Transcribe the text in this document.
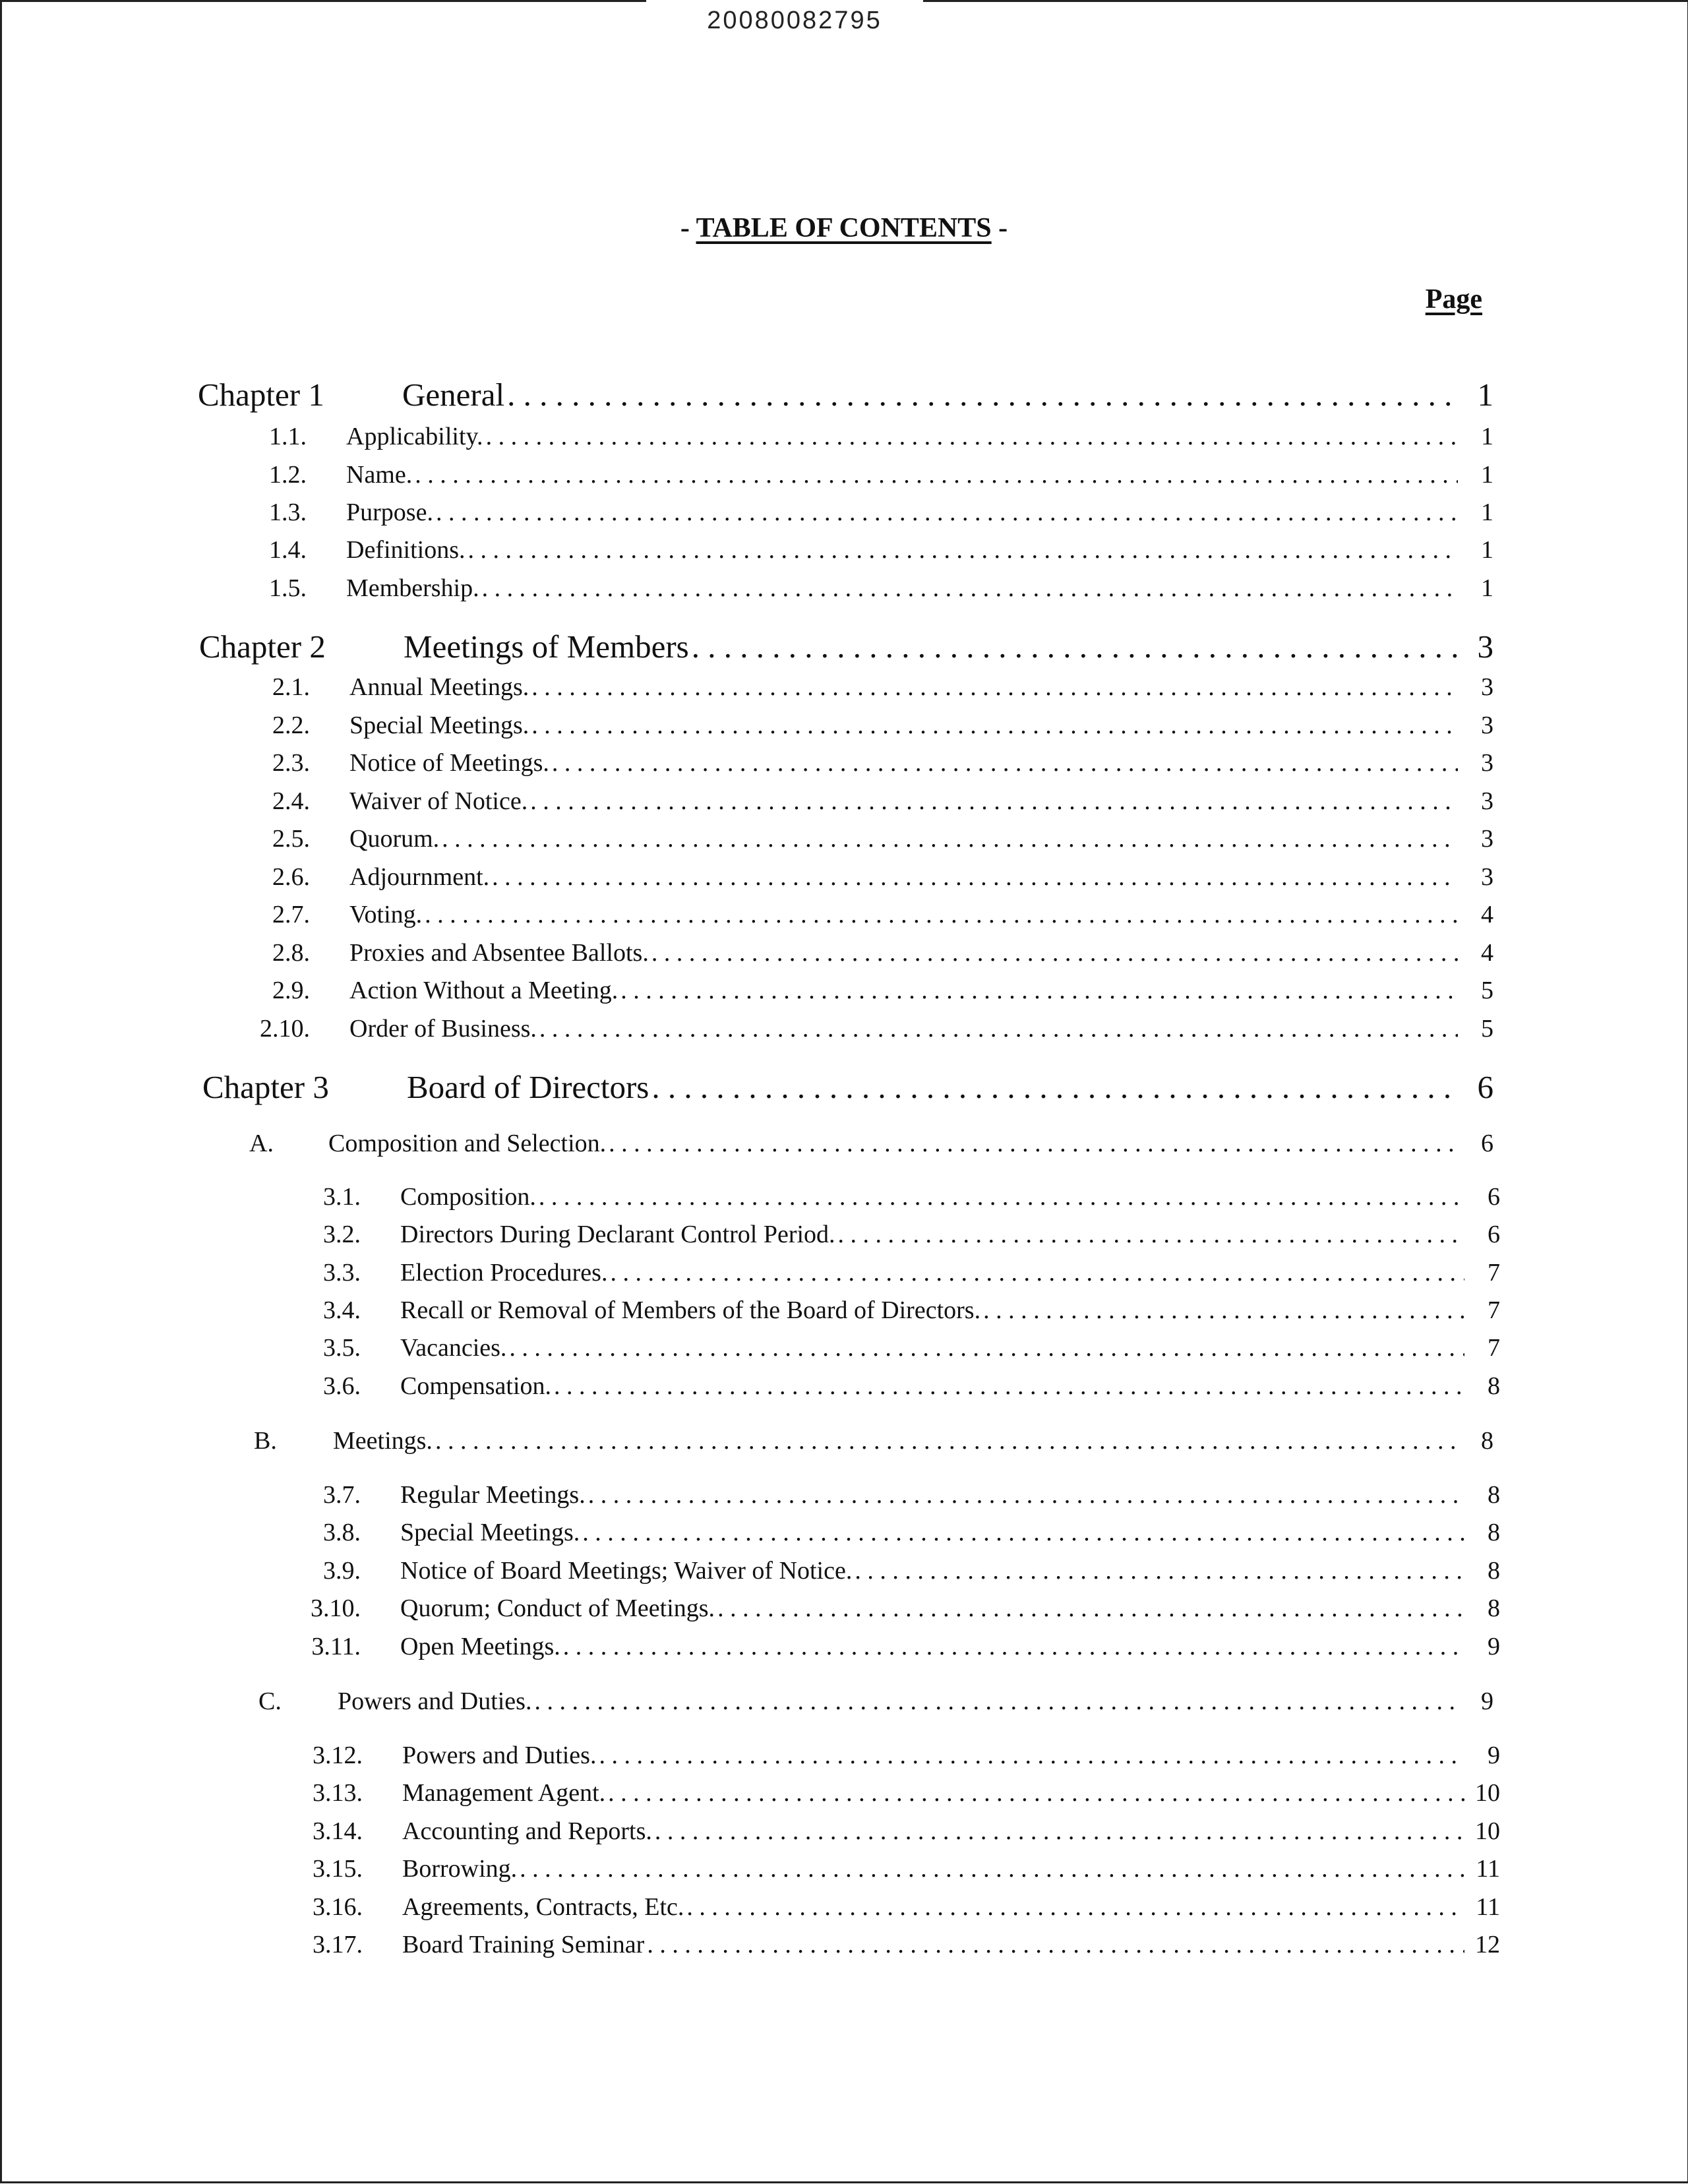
20080082795
- TABLE OF CONTENTS -
Page
Chapter 1	General . . .	1
1.1. Applicability. . . .	1
1.2. Name. . . .	1
1.3. Purpose. . . .	1
1.4. Definitions. . . .	1
1.5. Membership. . . .	1
Chapter 2	Meetings of Members . . .	3
2.1. Annual Meetings. . . .	3
2.2. Special Meetings. . . .	3
2.3. Notice of Meetings. . . .	3
2.4. Waiver of Notice. . . .	3
2.5. Quorum. . . .	3
2.6. Adjournment. . . .	3
2.7. Voting. . . .	4
2.8. Proxies and Absentee Ballots. . . .	4
2.9. Action Without a Meeting. . . .	5
2.10. Order of Business. . . .	5
Chapter 3	Board of Directors . . .	6
A.	Composition and Selection. . . .	6
3.1. Composition. . . .	6
3.2. Directors During Declarant Control Period. . . .	6
3.3. Election Procedures. . . .	7
3.4. Recall or Removal of Members of the Board of Directors. . . .	7
3.5. Vacancies. . . .	7
3.6. Compensation. . . .	8
B.	Meetings. . . .	8
3.7. Regular Meetings. . . .	8
3.8. Special Meetings. . . .	8
3.9. Notice of Board Meetings; Waiver of Notice. . . .	8
3.10. Quorum; Conduct of Meetings. . . .	8
3.11. Open Meetings. . . .	9
C.	Powers and Duties. . . .	9
3.12. Powers and Duties. . . .	9
3.13. Management Agent. . . .	10
3.14. Accounting and Reports. . . .	10
3.15. Borrowing. . . .	11
3.16. Agreements, Contracts, Etc. . . .	11
3.17. Board Training Seminar . . .	12
